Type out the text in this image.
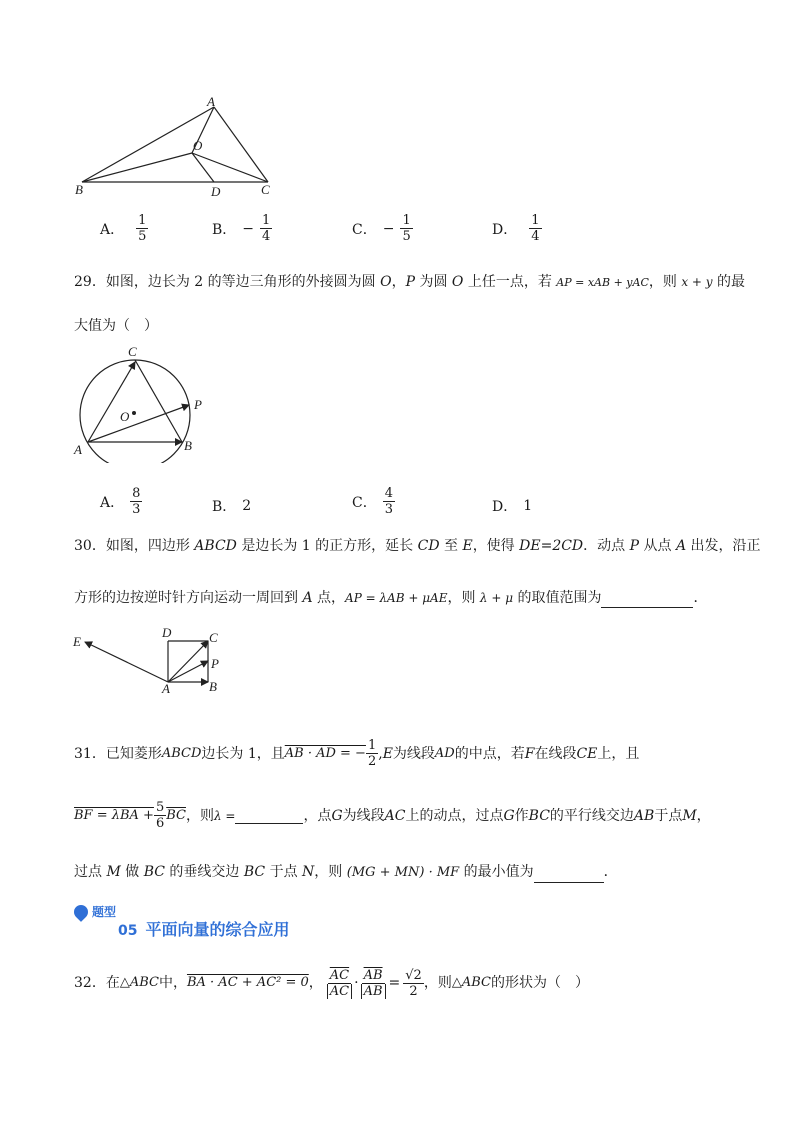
A
O
B	D	C
A． $\frac{1}{5}$	B． − $\frac{1}{4}$	C． − $\frac{1}{5}$	D． $\frac{1}{4}$
29．如图，边长为 2 的等边三角形的外接圆为圆 O，P 为圆 O 上任一点，若 AP = xAB + yAC，则 x + y 的最
大值为（　）
C
O
P
A	B
A． $\frac{8}{3}$	B． 2	C． $\frac{4}{3}$	D． 1
30．如图，四边形 ABCD 是边长为 1 的正方形，延长 CD 至 E，使得 DE=2CD．动点 P 从点 A 出发，沿正
方形的边按逆时针方向运动一周回到 A 点，AP = λAB + μAE，则 λ + μ 的取值范围为	．
E
D	C
P
A	B
31． 已知菱形 ABCD 边长为 1，且 AB · AD = − $\frac{1}{2}$ , E 为线段 AD 的中点，若 F 在线段 CE 上，且
BF = $\lambda BA + \frac{5}{6} \overline{BC}$ ，则 λ =	，点 G 为线段 AC 上的动点，过点 G 作 BC 的平行线交边 AB 于点 M ，
过点 M 做 BC 的垂线交边 BC 于点 N，则 (MG + MN) · MF 的最小值为	．
题型
05 平面向量的综合应用
32． 在 △ABC 中， BA · AC + AC² = 0 ， $\frac{\overline{AC}}{AC} \cdot \frac{\overline{AB}}{AB} = \frac{√2}{2}$ ，则 △ABC 的形状为（　）
